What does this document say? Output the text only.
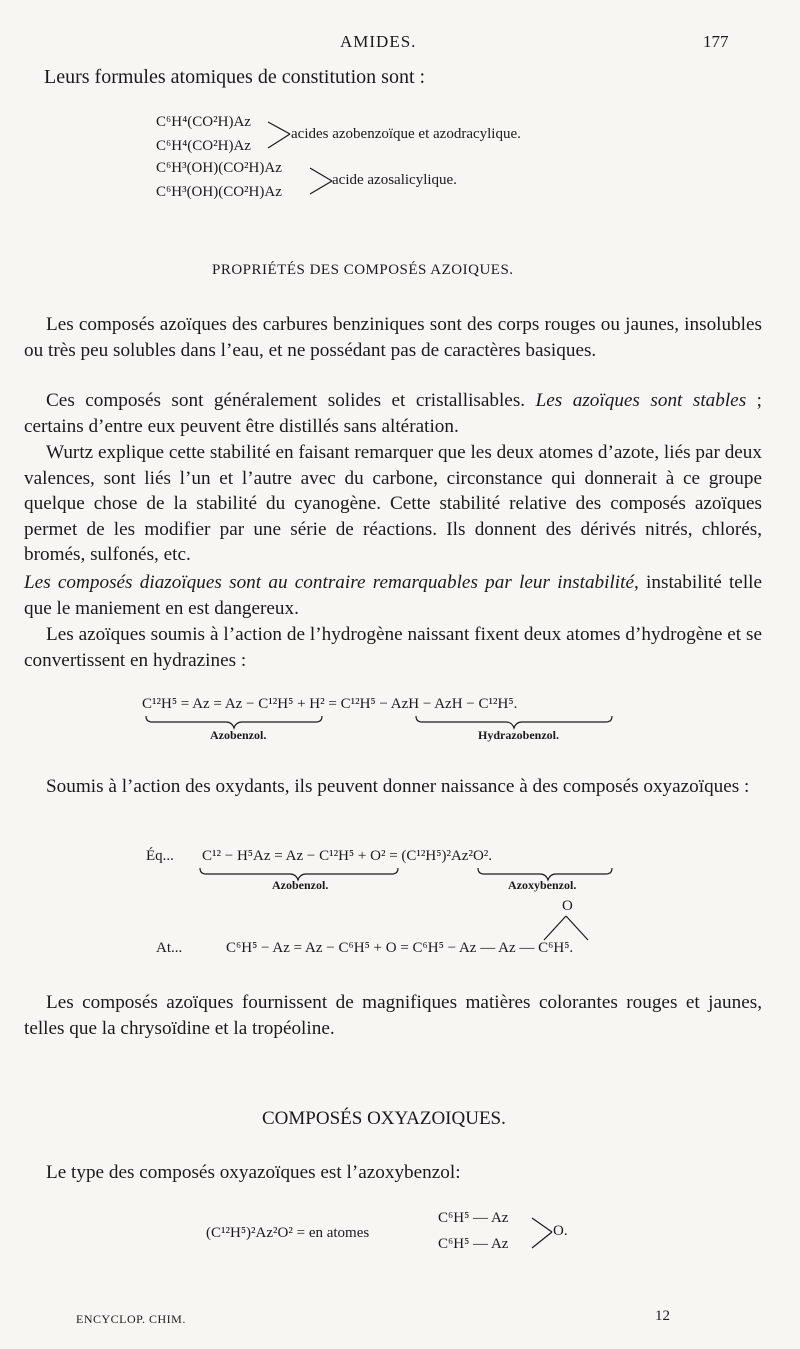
AMIDES.	177
Leurs formules atomiques de constitution sont :
C⁶H⁴(CO²H)Az
C⁶H⁴(CO²H)Az
acides azobenzoïque et azodracylique.
C⁶H³(OH)(CO²H)Az
C⁶H³(OH)(CO²H)Az
acide azosalicylique.
PROPRIÉTÉS DES COMPOSÉS AZOIQUES.
Les composés azoïques des carbures benziniques sont des corps rouges ou jaunes, insolubles ou très peu solubles dans l’eau, et ne possédant pas de caractères basiques.
Ces composés sont généralement solides et cristallisables. Les azoïques sont stables ; certains d’entre eux peuvent être distillés sans altération.
Wurtz explique cette stabilité en faisant remarquer que les deux atomes d’azote, liés par deux valences, sont liés l’un et l’autre avec du carbone, circonstance qui donnerait à ce groupe quelque chose de la stabilité du cyanogène. Cette stabilité relative des composés azoïques permet de les modifier par une série de réactions. Ils donnent des dérivés nitrés, chlorés, bromés, sulfonés, etc.
Les composés diazoïques sont au contraire remarquables par leur instabilité, instabilité telle que le maniement en est dangereux.
Les azoïques soumis à l’action de l’hydrogène naissant fixent deux atomes d’hydrogène et se convertissent en hydrazines :
C¹²H⁵ = Az = Az − C¹²H⁵ + H² = C¹²H⁵ − AzH − AzH − C¹²H⁵.
Azobenzol.	Hydrazobenzol.
Soumis à l’action des oxydants, ils peuvent donner naissance à des composés oxyazoïques :
Éq... C¹² − H⁵Az = Az − C¹²H⁵ + O² = (C¹²H⁵)²Az²O².
Azobenzol.	Azoxybenzol.
O
At...	C⁶H⁵ − Az = Az − C⁶H⁵ + O = C⁶H⁵ − Az — Az — C⁶H⁵.
Les composés azoïques fournissent de magnifiques matières colorantes rouges et jaunes, telles que la chrysoïdine et la tropéoline.
COMPOSÉS OXYAZOIQUES.
Le type des composés oxyazoïques est l’azoxybenzol:
(C¹²H⁵)²Az²O² = en atomes
C⁶H⁵ — Az
C⁶H⁵ — Az
O.
ENCYCLOP. CHIM.	12
